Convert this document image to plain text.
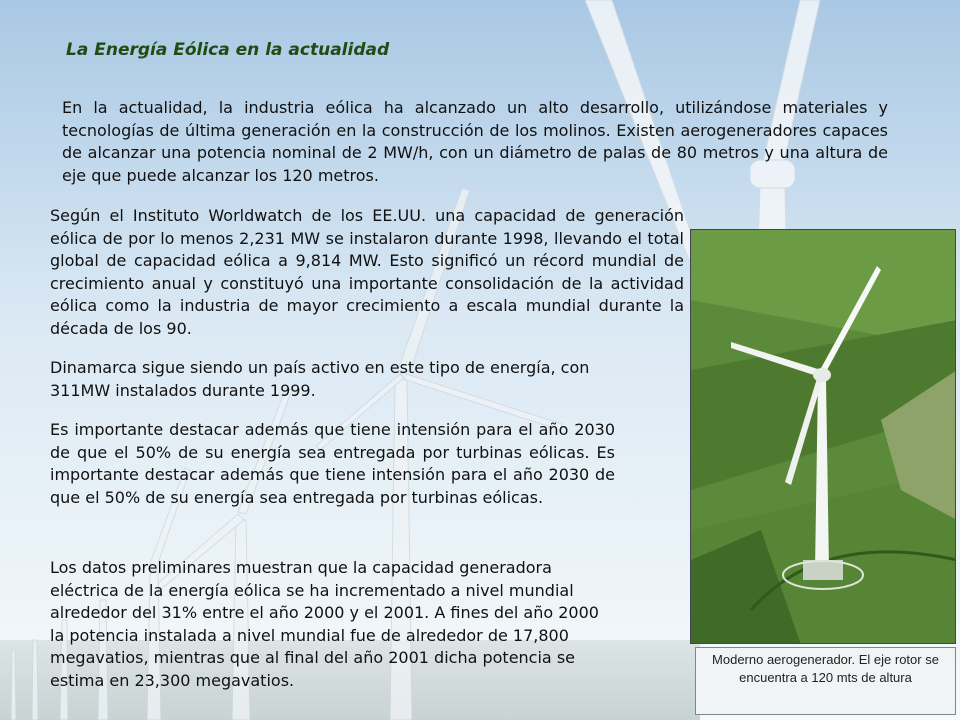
La Energía Eólica en la actualidad

En la actualidad, la industria eólica ha alcanzado un alto desarrollo, utilizándose materiales y tecnologías de última generación en la construcción de los molinos. Existen aerogeneradores capaces de alcanzar una potencia nominal de 2 MW/h, con un diámetro de palas de 80 metros y una altura de eje que puede alcanzar los 120 metros.

Según el Instituto Worldwatch de los EE.UU. una capacidad de generación eólica de por lo menos 2,231 MW se instalaron durante 1998, llevando el total global de capacidad eólica a 9,814 MW. Esto significó un récord mundial de crecimiento anual y constituyó una importante consolidación de la actividad eólica como la industria de mayor crecimiento a escala mundial durante la década de los 90.

Dinamarca sigue siendo un país activo en este tipo de energía, con 311MW instalados durante 1999.

Es importante destacar además que tiene intensión para el año 2030 de que el 50% de su energía sea entregada por turbinas eólicas. Es importante destacar además que tiene intensión para el año 2030 de que el 50% de su energía sea entregada por turbinas eólicas.

Los datos preliminares muestran que la capacidad generadora eléctrica de la energía eólica se ha incrementado a nivel mundial alrededor del 31% entre el año 2000 y el 2001. A fines del año 2000 la potencia instalada a nivel mundial fue de alrededor de 17,800 megavatios, mientras que al final del año 2001 dicha potencia se estima en 23,300 megavatios.

Moderno aerogenerador. El eje rotor se encuentra a 120 mts de altura
